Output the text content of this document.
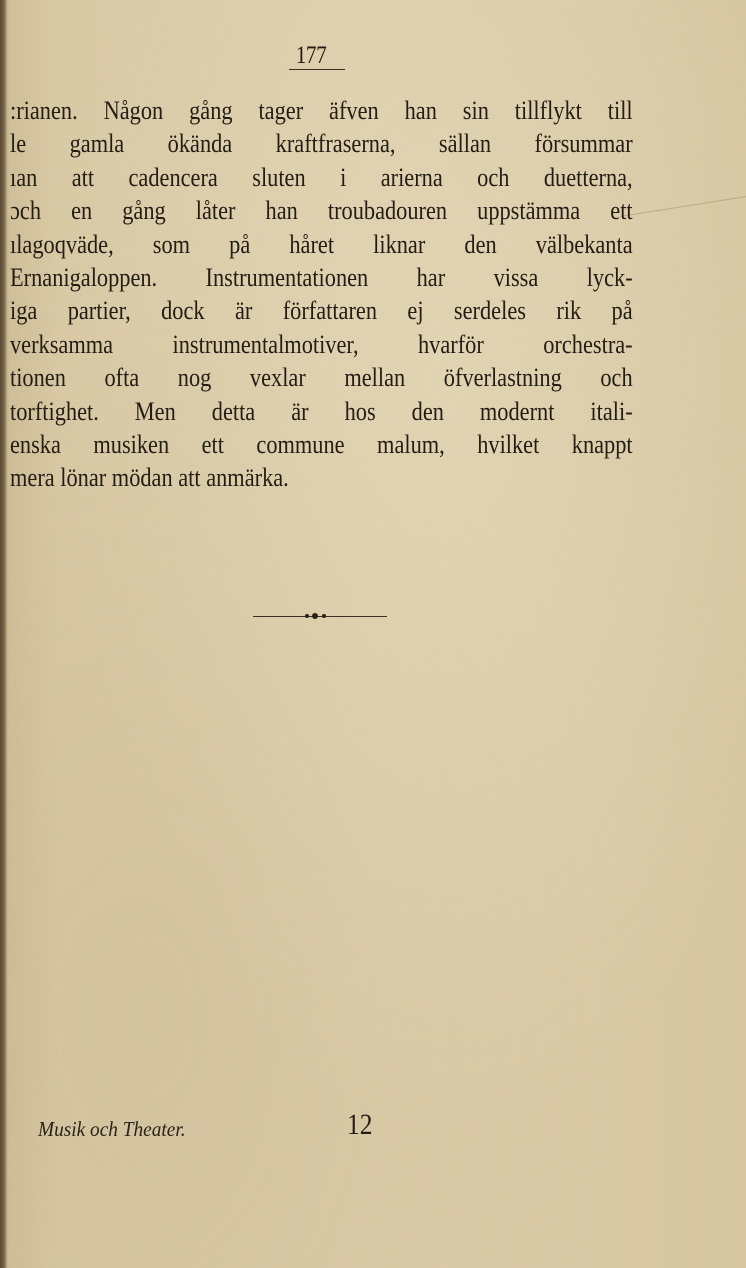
177
:rianen. Någon gång tager äfven han sin tillflykt till
le gamla ökända kraftfraserna, sällan försummar
ıan att cadencera sluten i arierna och duetterna,
ɔch en gång låter han troubadouren uppstämma ett
ılagoqväde, som på håret liknar den välbekanta
Ernanigaloppen. Instrumentationen har vissa lyck-
iga partier, dock är författaren ej serdeles rik på
verksamma instrumentalmotiver, hvarför orchestra-
tionen ofta nog vexlar mellan öfverlastning och
torftighet. Men detta är hos den modernt itali-
enska musiken ett commune malum, hvilket knappt
mera lönar mödan att anmärka.
Musik och Theater.	12
